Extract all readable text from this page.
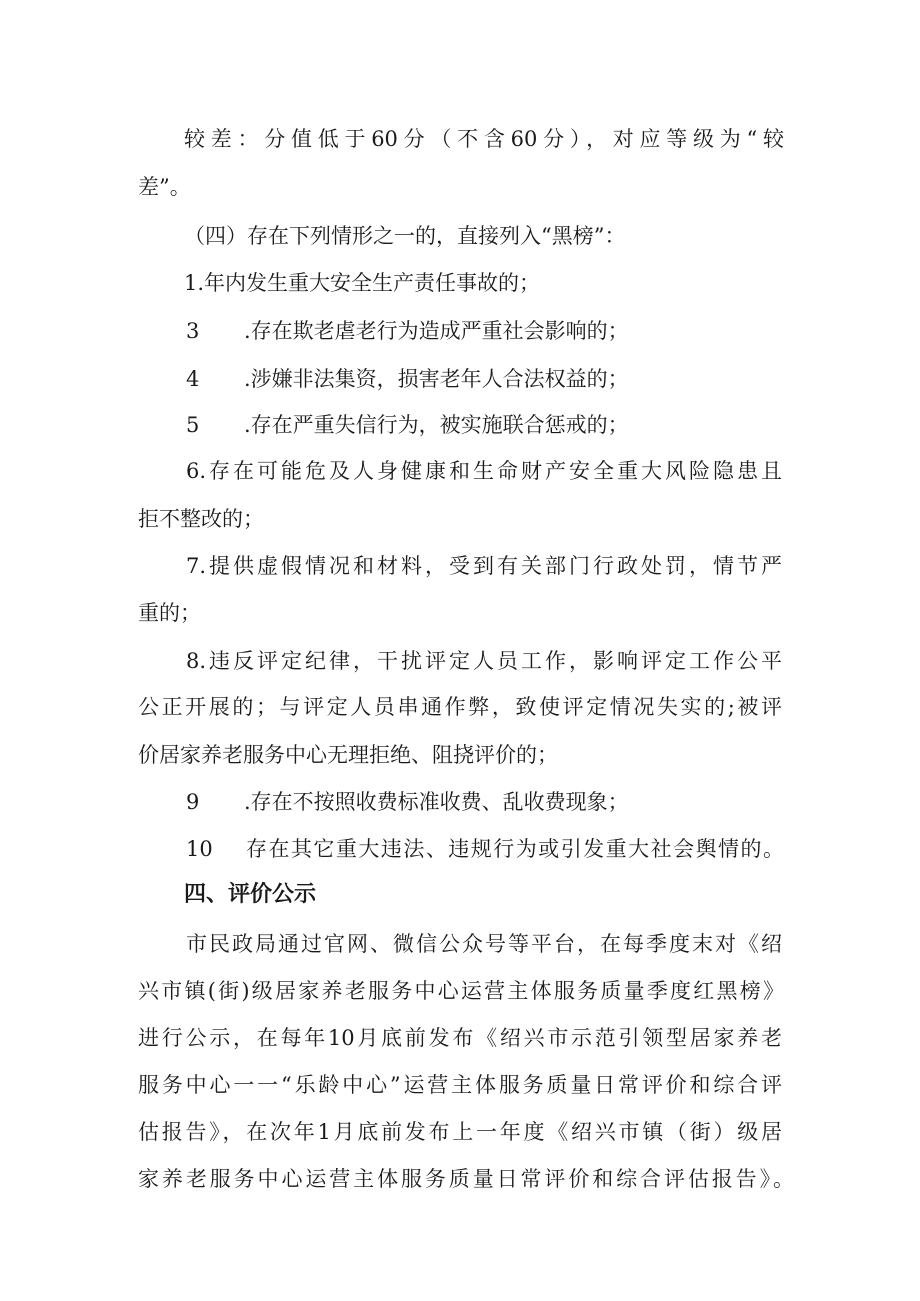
较差：分值低于60分（不含60分），对应等级为“较
差”。
（四）存在下列情形之一的，直接列入“黑榜”：
1.年内发生重大安全生产责任事故的；
3 .存在欺老虐老行为造成严重社会影响的；
4 .涉嫌非法集资，损害老年人合法权益的；
5 .存在严重失信行为，被实施联合惩戒的；
6.存在可能危及人身健康和生命财产安全重大风险隐患且
拒不整改的；
7.提供虚假情况和材料，受到有关部门行政处罚，情节严
重的；
8.违反评定纪律，干扰评定人员工作，影响评定工作公平
公正开展的；与评定人员串通作弊，致使评定情况失实的;被评
价居家养老服务中心无理拒绝、阻挠评价的；
9 .存在不按照收费标准收费、乱收费现象；
10 存在其它重大违法、违规行为或引发重大社会舆情的。
四、评价公示
市民政局通过官网、微信公众号等平台，在每季度末对《绍
兴市镇(街)级居家养老服务中心运营主体服务质量季度红黑榜》
进行公示，在每年10月底前发布《绍兴市示范引领型居家养老
服务中心一一“乐龄中心”运营主体服务质量日常评价和综合评
估报告》，在次年1月底前发布上一年度《绍兴市镇（街）级居
家养老服务中心运营主体服务质量日常评价和综合评估报告》。
